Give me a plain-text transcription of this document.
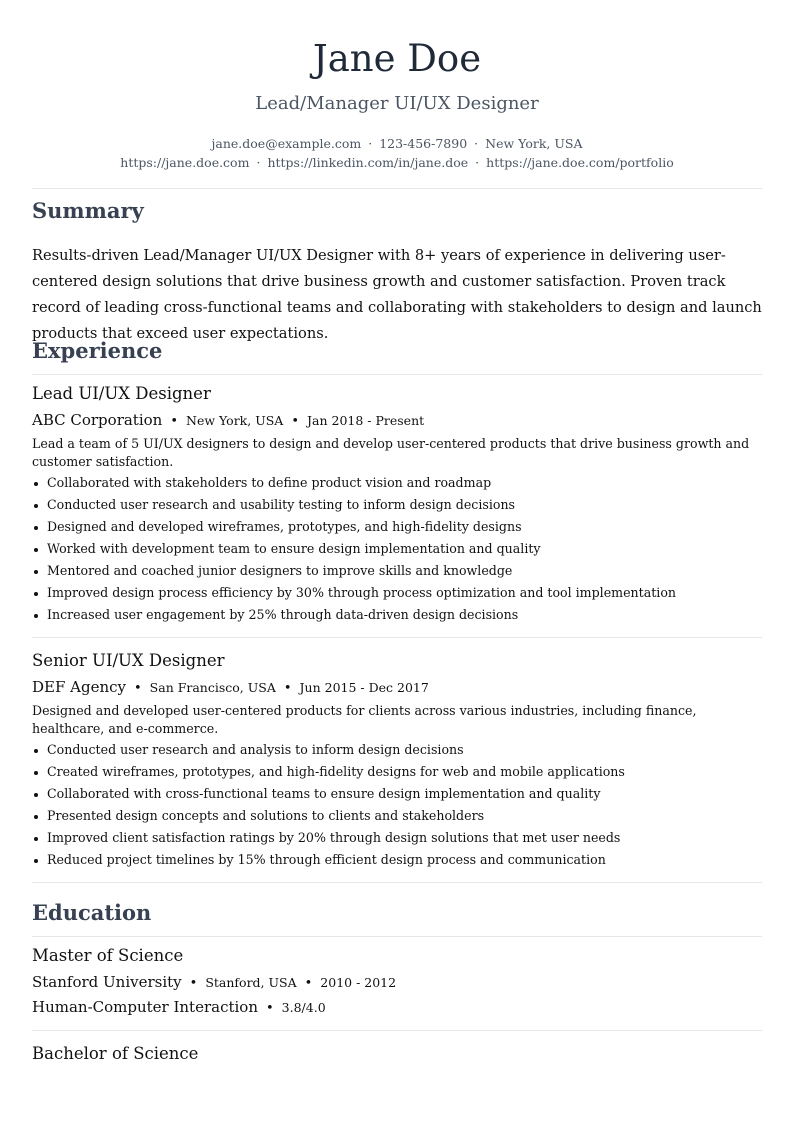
Jane Doe
Lead/Manager UI/UX Designer
jane.doe@example.com · 123-456-7890 · New York, USA
https://jane.doe.com · https://linkedin.com/in/jane.doe · https://jane.doe.com/portfolio
Summary

Results-driven Lead/Manager UI/UX Designer with 8+ years of experience in delivering user-centered design solutions that drive business growth and customer satisfaction. Proven track record of leading cross-functional teams and collaborating with stakeholders to design and launch products that exceed user expectations.

Experience
Lead UI/UX Designer
ABC Corporation • New York, USA • Jan 2018 - Present

Lead a team of 5 UI/UX designers to design and develop user-centered products that drive business growth and customer satisfaction.

Collaborated with stakeholders to define product vision and roadmap
Conducted user research and usability testing to inform design decisions
Designed and developed wireframes, prototypes, and high-fidelity designs
Worked with development team to ensure design implementation and quality
Mentored and coached junior designers to improve skills and knowledge
Improved design process efficiency by 30% through process optimization and tool implementation
Increased user engagement by 25% through data-driven design decisions
Senior UI/UX Designer
DEF Agency • San Francisco, USA • Jun 2015 - Dec 2017

Designed and developed user-centered products for clients across various industries, including finance, healthcare, and e-commerce.

Conducted user research and analysis to inform design decisions
Created wireframes, prototypes, and high-fidelity designs for web and mobile applications
Collaborated with cross-functional teams to ensure design implementation and quality
Presented design concepts and solutions to clients and stakeholders
Improved client satisfaction ratings by 20% through design solutions that met user needs
Reduced project timelines by 15% through efficient design process and communication
Education
Master of Science
Stanford University • Stanford, USA • 2010 - 2012
Human-Computer Interaction • 3.8/4.0
Bachelor of Science
